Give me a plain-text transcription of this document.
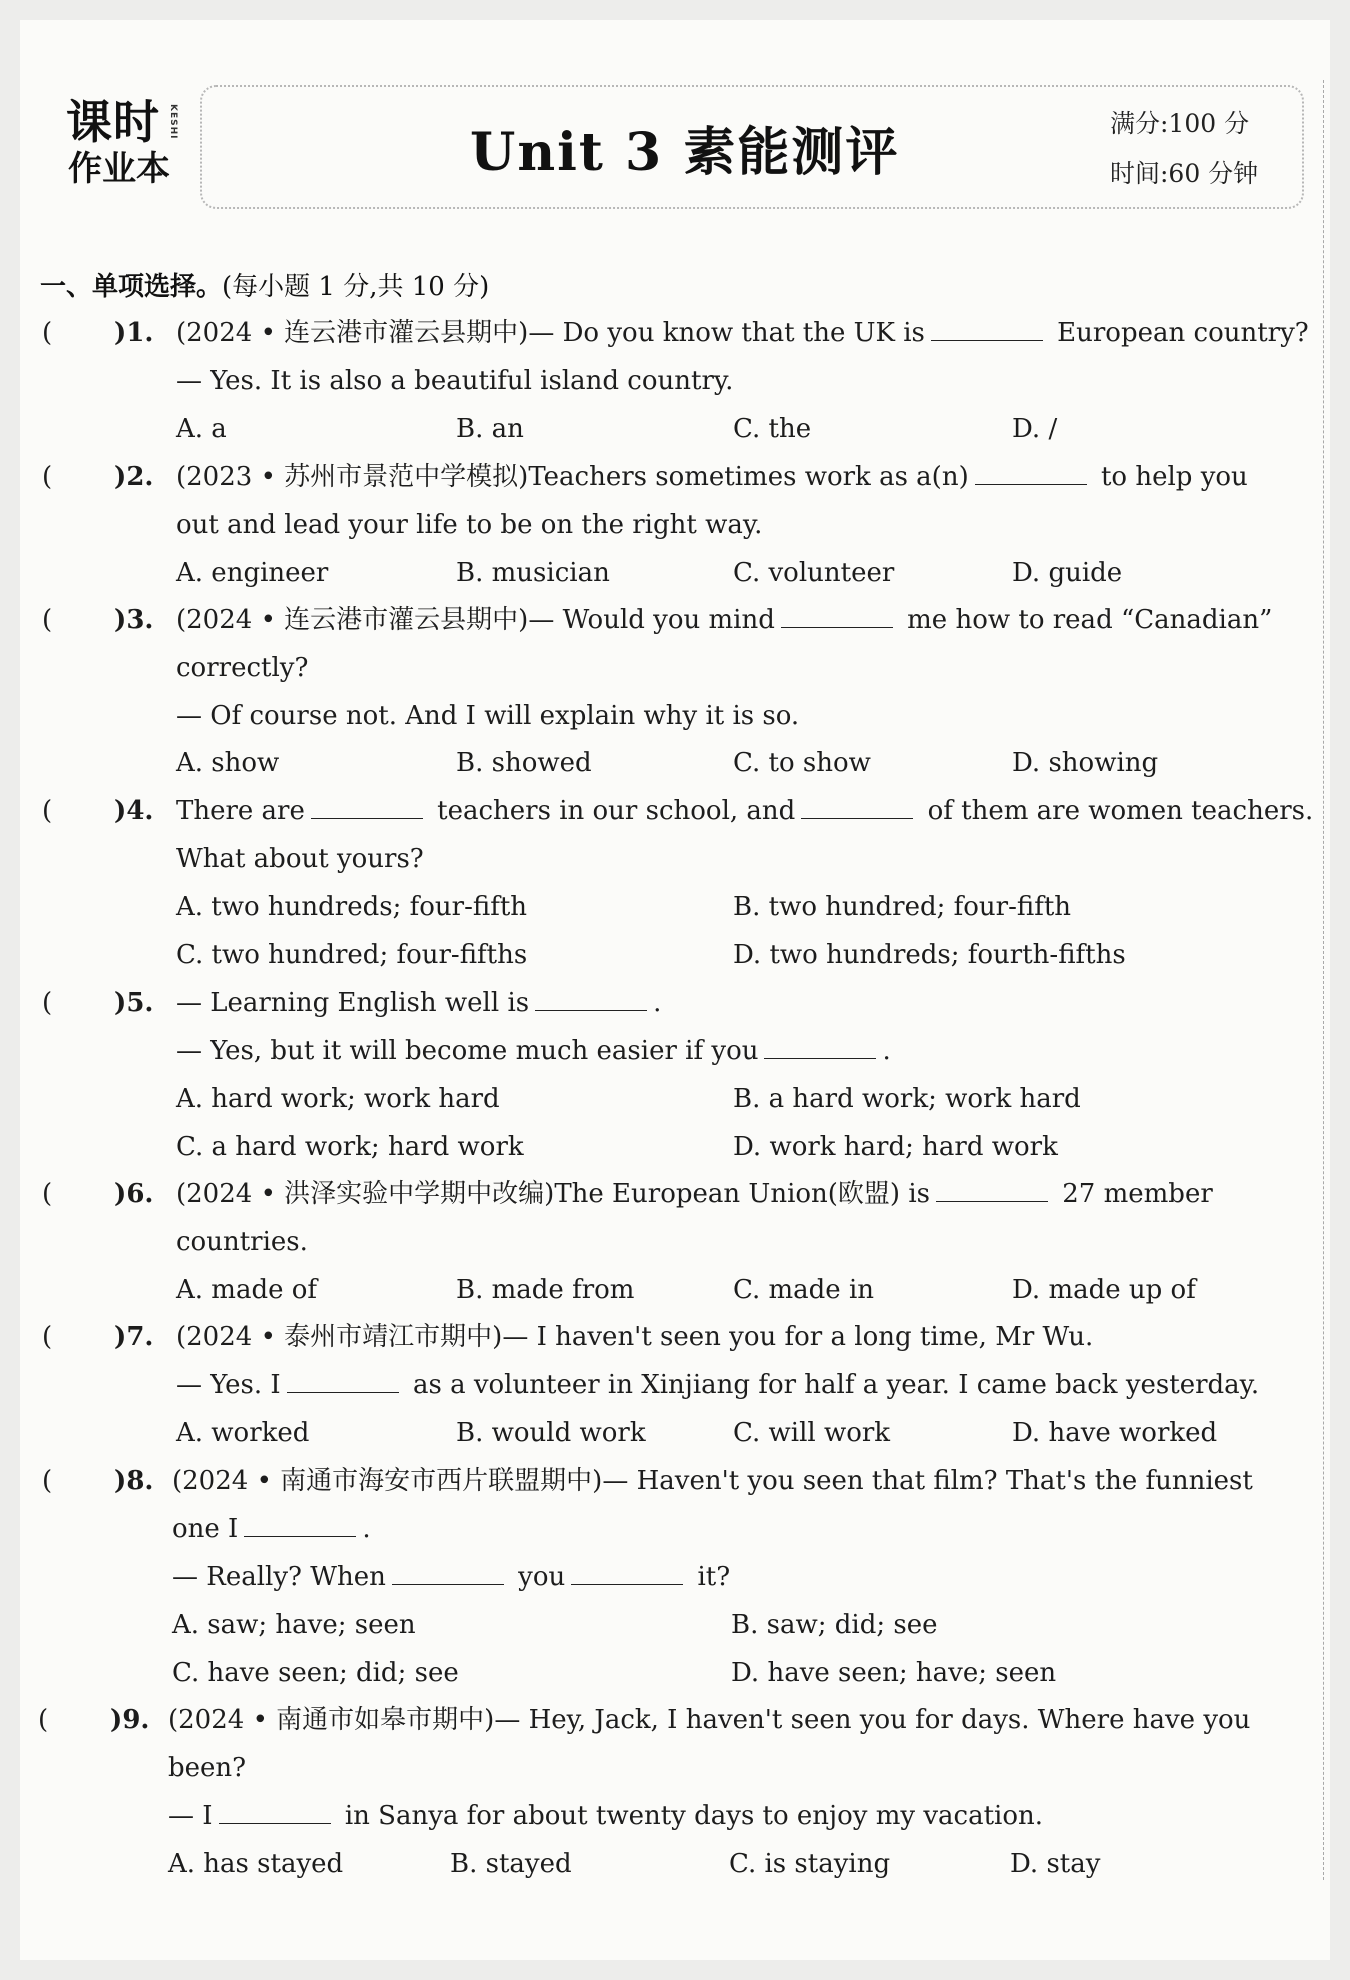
课时
作业本
KESHI
Unit 3 素能测评	满分:100 分
时间:60 分钟
一、单项选择。(每小题 1 分,共 10 分)
( )1. (2024 • 连云港市灌云县期中)— Do you know that the UK is	European country?
— Yes. It is also a beautiful island country.
A. a	B. an	C. the	D. /
( )2. (2023 • 苏州市景范中学模拟)Teachers sometimes work as a(n)	to help you
out and lead your life to be on the right way.
A. engineer	B. musician	C. volunteer	D. guide
( )3. (2024 • 连云港市灌云县期中)— Would you mind	me how to read “Canadian”
correctly?
— Of course not. And I will explain why it is so.
A. show	B. showed	C. to show	D. showing
( )4. There are	teachers in our school, and	of them are women teachers.
What about yours?
A. two hundreds; four-fifth	B. two hundred; four-fifth
C. two hundred; four-fifths	D. two hundreds; fourth-fifths
( )5. — Learning English well is	.
— Yes, but it will become much easier if you	.
A. hard work; work hard	B. a hard work; work hard
C. a hard work; hard work	D. work hard; hard work
( )6. (2024 • 洪泽实验中学期中改编)The European Union(欧盟) is	27 member
countries.
A. made of	B. made from	C. made in	D. made up of
( )7. (2024 • 泰州市靖江市期中)— I haven't seen you for a long time, Mr Wu.
— Yes. I	as a volunteer in Xinjiang for half a year. I came back yesterday.
A. worked	B. would work	C. will work	D. have worked
( )8. (2024 • 南通市海安市西片联盟期中)— Haven't you seen that film? That's the funniest
one I	.
— Really? When	you	it?
A. saw; have; seen	B. saw; did; see
C. have seen; did; see	D. have seen; have; seen
( )9. (2024 • 南通市如皋市期中)— Hey, Jack, I haven't seen you for days. Where have you
been?
— I	in Sanya for about twenty days to enjoy my vacation.
A. has stayed	B. stayed	C. is staying	D. stay
